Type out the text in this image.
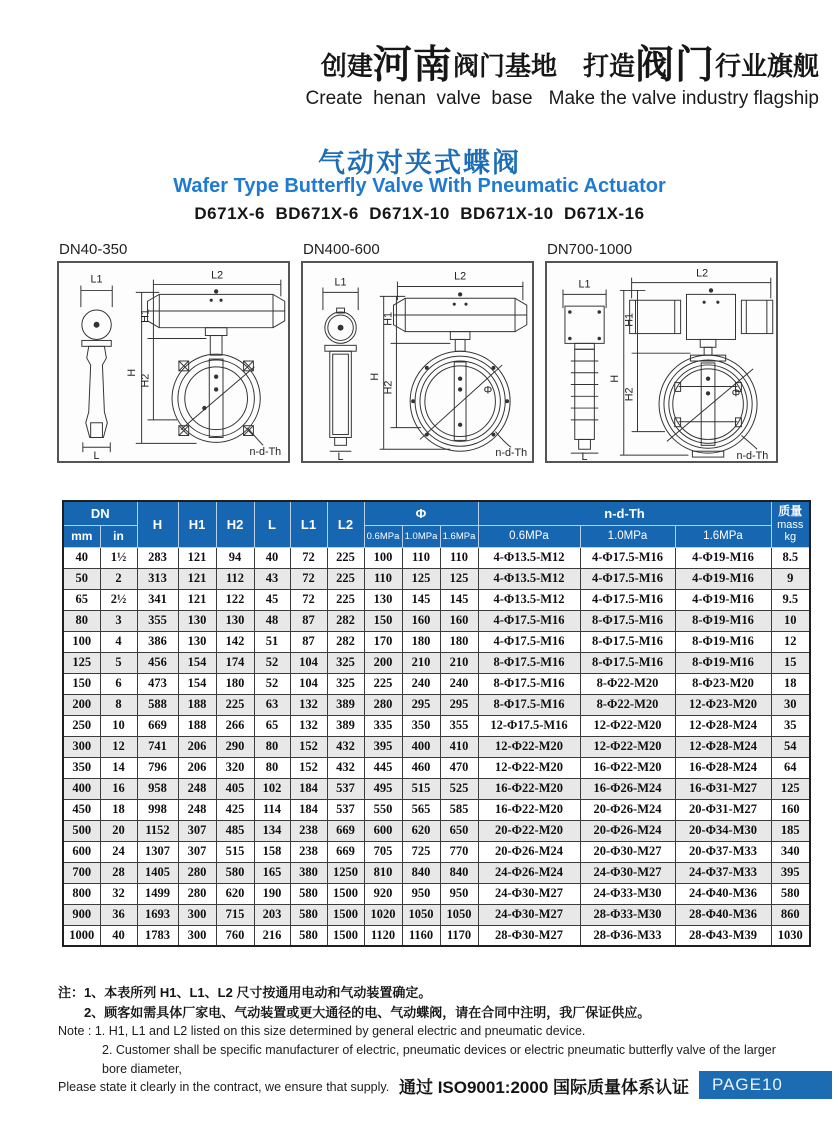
创建河南阀门基地 打造阀门行业旗舰
Create  henan  valve  base Make the valve industry flagship
气动对夹式蝶阀
Wafer Type Butterfly Valve With Pneumatic Actuator
D671X-6  BD671X-6  D671X-10  BD671X-10  D671X-16
DN40-350
L1
L
L2
n-d-Th
H
H1
H2
DN400-600
L1
L
L2
Φ
n-d-Th
H
H1
H2
DN700-1000
L1
L
L2
Φ
n-d-Th
H
H1
H2
DN		H	H1	H2	L	L1	L2	Φ			n-d-Th			质量
mass
kg

mm	in							0.6MPa	1.0MPa	1.6MPa	0.6MPa	1.0MPa	1.6MPa	
40	1½	283	121	94	40	72	225	100	110	110	4-Φ13.5-M12	4-Φ17.5-M16	4-Φ19-M16	8.5
50	2	313	121	112	43	72	225	110	125	125	4-Φ13.5-M12	4-Φ17.5-M16	4-Φ19-M16	9
65	2½	341	121	122	45	72	225	130	145	145	4-Φ13.5-M12	4-Φ17.5-M16	4-Φ19-M16	9.5
80	3	355	130	130	48	87	282	150	160	160	4-Φ17.5-M16	8-Φ17.5-M16	8-Φ19-M16	10
100	4	386	130	142	51	87	282	170	180	180	4-Φ17.5-M16	8-Φ17.5-M16	8-Φ19-M16	12
125	5	456	154	174	52	104	325	200	210	210	8-Φ17.5-M16	8-Φ17.5-M16	8-Φ19-M16	15
150	6	473	154	180	52	104	325	225	240	240	8-Φ17.5-M16	8-Φ22-M20	8-Φ23-M20	18
200	8	588	188	225	63	132	389	280	295	295	8-Φ17.5-M16	8-Φ22-M20	12-Φ23-M20	30
250	10	669	188	266	65	132	389	335	350	355	12-Φ17.5-M16	12-Φ22-M20	12-Φ28-M24	35
300	12	741	206	290	80	152	432	395	400	410	12-Φ22-M20	12-Φ22-M20	12-Φ28-M24	54
350	14	796	206	320	80	152	432	445	460	470	12-Φ22-M20	16-Φ22-M20	16-Φ28-M24	64
400	16	958	248	405	102	184	537	495	515	525	16-Φ22-M20	16-Φ26-M24	16-Φ31-M27	125
450	18	998	248	425	114	184	537	550	565	585	16-Φ22-M20	20-Φ26-M24	20-Φ31-M27	160
500	20	1152	307	485	134	238	669	600	620	650	20-Φ22-M20	20-Φ26-M24	20-Φ34-M30	185
600	24	1307	307	515	158	238	669	705	725	770	20-Φ26-M24	20-Φ30-M27	20-Φ37-M33	340
700	28	1405	280	580	165	380	1250	810	840	840	24-Φ26-M24	24-Φ30-M27	24-Φ37-M33	395
800	32	1499	280	620	190	580	1500	920	950	950	24-Φ30-M27	24-Φ33-M30	24-Φ40-M36	580
900	36	1693	300	715	203	580	1500	1020	1050	1050	24-Φ30-M27	28-Φ33-M30	28-Φ40-M36	860
1000	40	1783	300	760	216	580	1500	1120	1160	1170	28-Φ30-M27	28-Φ36-M33	28-Φ43-M39	1030
注：1、本表所列 H1、L1、L2 尺寸按通用电动和气动装置确定。
2、顾客如需具体厂家电、气动装置或更大通径的电、气动蝶阀，请在合同中注明，我厂保证供应。
Note : 1. H1, L1 and L2 listed on this size determined by general electric and pneumatic device.
2. Customer shall be specific manufacturer of electric, pneumatic devices or electric pneumatic butterfly valve of the larger bore diameter,
Please state it clearly in the contract, we ensure that supply. 通过 ISO9001:2000 国际质量体系认证	PAGE10
